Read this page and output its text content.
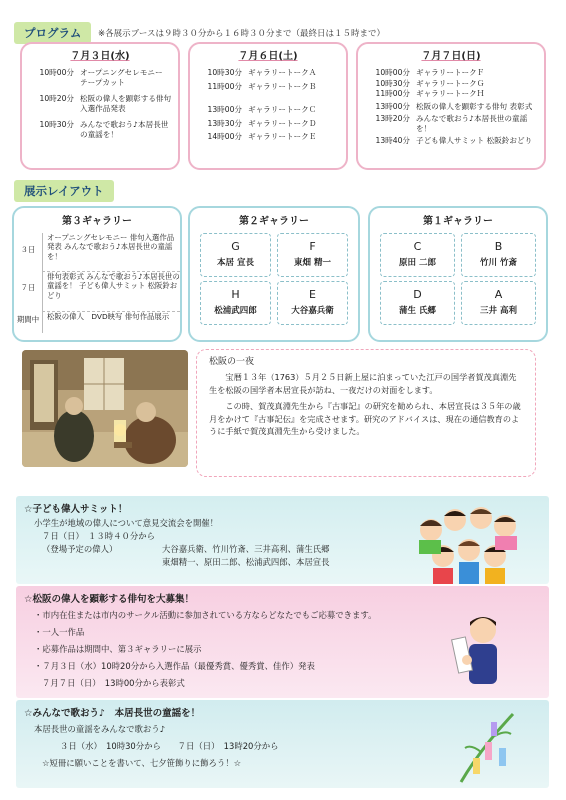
プログラム	※各展示ブースは９時３０分から１６時３０分まで（最終日は１５時まで）
７月３日(水)
10時00分 オープニングセレモニー テープカット
10時20分 松阪の偉人を顕彰する俳句 入選作品発表
10時30分 みんなで歌おう♪本居長世の童謡を！
７月６日(土)
10時30分 ギャラリートークＡ
11時00分 ギャラリートークＢ
13時00分 ギャラリートークＣ
13時30分 ギャラリートークＤ
14時00分 ギャラリートークＥ
７月７日(日)
10時00分 ギャラリートークＦ
10時30分 ギャラリートークＧ
11時00分 ギャラリートークＨ
13時00分 松阪の偉人を顕彰する俳句 表彰式
13時20分 みんなで歌おう♪本居長世の童謡を！
13時40分 子ども偉人サミット 松阪鈴おどり
展示レイアウト
第３ギャラリー
３日
オープニングセレモニー 俳句入選作品発表 みんなで歌おう♪本居長世の童謡を！
７日
俳句表彰式 みんなで歌おう♪本居長世の童謡を！ 子ども偉人サミット 松阪鈴おどり
期間中	松阪の偉人　DVD映写 俳句作品展示
第２ギャラリー
G
本居 宣長
F
東畑 精一
H
松浦武四郎
E
大谷嘉兵衛
第１ギャラリー
C
原田 二郎
B
竹川 竹斎
D
蒲生 氏郷
A
三井 高利
松阪の一夜

宝暦１３年（1763）５月２５日新上屋に泊まっていた江戸の国学者賀茂真淵先生を松阪の国学者本居宣長が訪ね、一夜だけの対面をします。

この時、賀茂真淵先生から『古事記』の研究を勧められ、本居宣長は３５年の歳月をかけて『古事記伝』を完成させます。研究のアドバイスは、現在の通信教育のように手紙で賀茂真淵先生から受けました。

☆子ども偉人サミット！
小学生が地域の偉人について意見交流会を開催！
７日（日）　１３時４０分から
（登場予定の偉人）	大谷嘉兵衛、竹川竹斎、三井高利、蒲生氏郷
東畑精一、原田二郎、松浦武四郎、本居宣長
☆松阪の偉人を顕彰する俳句を大募集！
・市内在住または市内のサークル活動に参加されている方ならどなたでもご応募できます。
・一人一作品
・応募作品は期間中、第３ギャラリーに展示
・７月３日（水）10時20分から入選作品（最優秀賞、優秀賞、佳作）発表
７月７日（日）　13時00分から表彰式
☆みんなで歌おう♪　本居長世の童謡を！
本居長世の童謡をみんなで歌おう♪
３日（水）　10時30分から　　７日（日）　13時20分から
☆短冊に願いことを書いて、七夕笹飾りに飾ろう！☆
